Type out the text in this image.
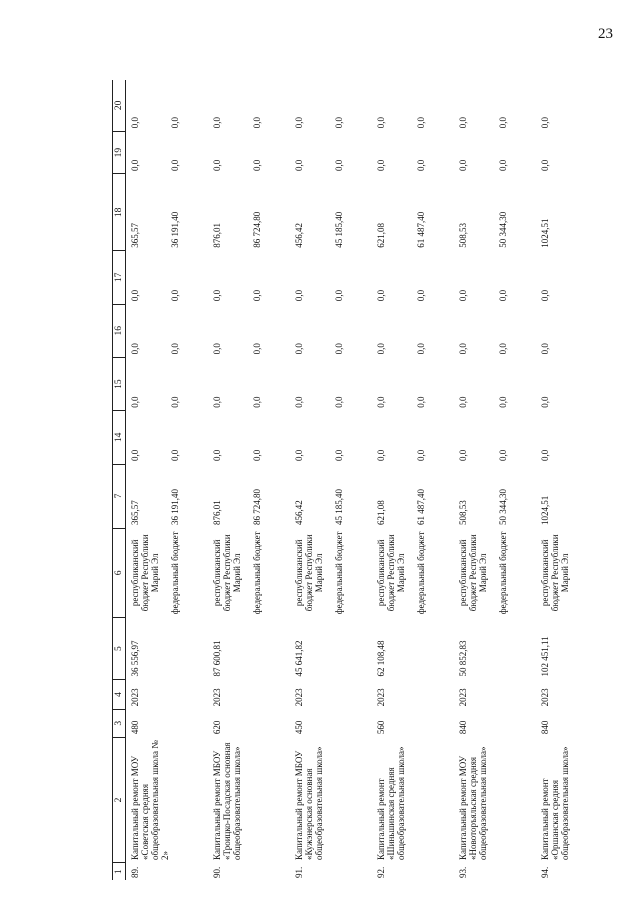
23
1	2	3	4	5	6	7	14	15	16	17	18	19	20
89.	Капитальный ремонт МОУ «Советская средняя общеобразовательная школа № 2»	480	2023	36 556,97	республиканский бюджет Республики Марий Эл	365,57	0,0	0,0	0,0	0,0	365,57	0,0	0,0
					федеральный бюджет	36 191,40	0,0	0,0	0,0	0,0	36 191,40	0,0	0,0
90.	Капитальный ремонт МБОУ «Троицко-Посадская основная общеобразовательная школа»	620	2023	87 600,81	республиканский бюджет Республики Марий Эл	876,01	0,0	0,0	0,0	0,0	876,01	0,0	0,0
					федеральный бюджет	86 724,80	0,0	0,0	0,0	0,0	86 724,80	0,0	0,0
91.	Капитальный ремонт МБОУ «Кужэнерская основная общеобразовательная школа»	450	2023	45 641,82	республиканский бюджет Республики Марий Эл	456,42	0,0	0,0	0,0	0,0	456,42	0,0	0,0
					федеральный бюджет	45 185,40	0,0	0,0	0,0	0,0	45 185,40	0,0	0,0
92.	Капитальный ремонт «Шиньшинская средняя общеобразовательная школа»	560	2023	62 108,48	республиканский бюджет Республики Марий Эл	621,08	0,0	0,0	0,0	0,0	621,08	0,0	0,0
					федеральный бюджет	61 487,40	0,0	0,0	0,0	0,0	61 487,40	0,0	0,0
93.	Капитальный ремонт МОУ «Новоторъяльская средняя общеобразовательная школа»	840	2023	50 852,83	республиканский бюджет Республики Марий Эл	508,53	0,0	0,0	0,0	0,0	508,53	0,0	0,0
					федеральный бюджет	50 344,30	0,0	0,0	0,0	0,0	50 344,30	0,0	0,0
94.	Капитальный ремонт «Оршанская средняя общеобразовательная школа»	840	2023	102 451,11	республиканский бюджет Республики Марий Эл	1024,51	0,0	0,0	0,0	0,0	1024,51	0,0	0,0
